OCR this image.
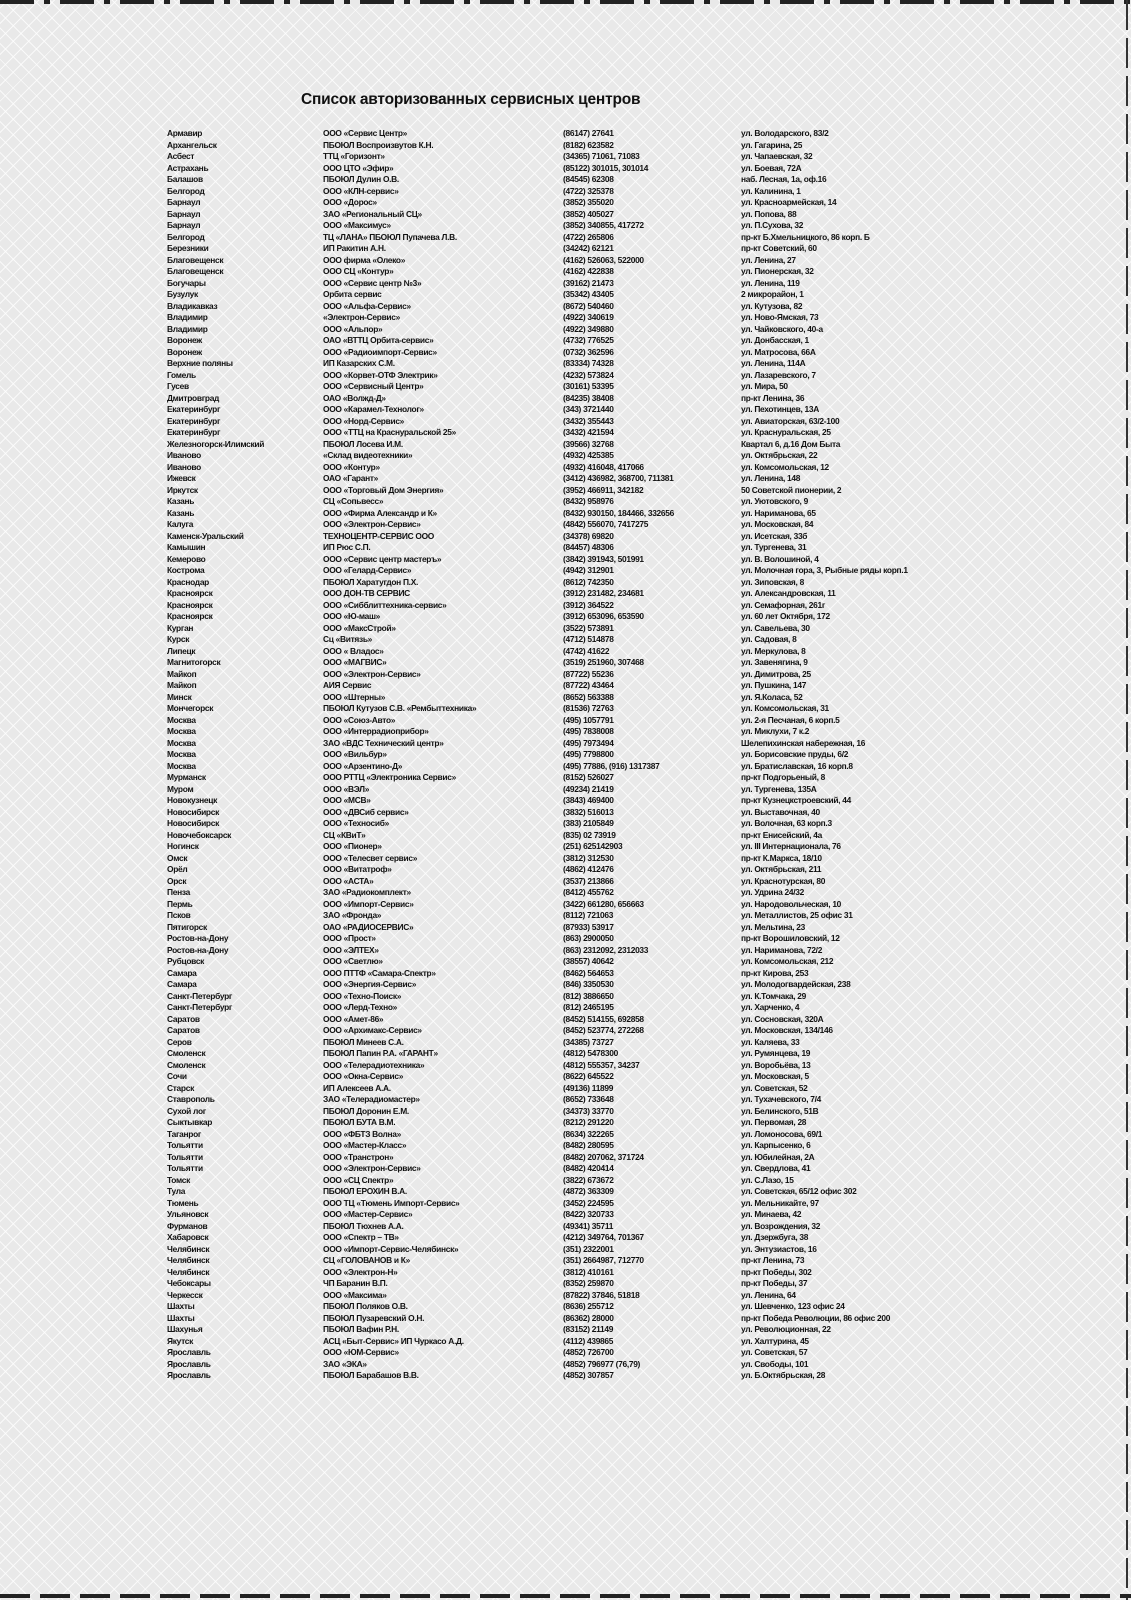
Список авторизованных сервисных центров
Армавир	ООО «Сервис Центр»	(86147) 27641	ул. Володарского, 83/2
Архангельск	ПБОЮЛ Воспроизвутов К.Н.	(8182) 623582	ул. Гагарина, 25
Асбест	ТТЦ «Горизонт»	(34365) 71061, 71083	ул. Чапаевская, 32
Астрахань	ООО ЦТО «Эфир»	(85122) 301015, 301014	ул. Боевая, 72А
Балашов	ПБОЮЛ Дулин О.В.	(84545) 62308	наб. Лесная, 1а, оф.16
Белгород	ООО «КЛН-сервис»	(4722) 325378	ул. Калинина, 1
Барнаул	ООО «Дорос»	(3852) 355020	ул. Красноармейская, 14
Барнаул	ЗАО «Региональный СЦ»	(3852) 405027	ул. Попова, 88
Барнаул	ООО «Максимус»	(3852) 340855, 417272	ул. П.Сухова, 32
Белгород	ТЦ «ЛАНА» ПБОЮЛ Пупачева Л.В.	(4722) 265806	пр-кт Б.Хмельницкого, 86 корп. Б
Березники	ИП Ракитин А.Н.	(34242) 62121	пр-кт Советский, 60
Благовещенск	ООО фирма «Олеко»	(4162) 526063, 522000	ул. Ленина, 27
Благовещенск	ООО СЦ «Контур»	(4162) 422838	ул. Пионерская, 32
Богучары	ООО «Сервис центр №3»	(39162) 21473	ул. Ленина, 119
Бузулук	Орбита сервис	(35342) 43405	2 микрорайон, 1
Владикавказ	ООО «Альфа-Сервис»	(8672) 540460	ул. Кутузова, 82
Владимир	«Электрон-Сервис»	(4922) 340619	ул. Ново-Ямская, 73
Владимир	ООО «Альпор»	(4922) 349880	ул. Чайковского, 40-а
Воронеж	ОАО «ВТТЦ Орбита-сервис»	(4732) 776525	ул. Донбасская, 1
Воронеж	ООО «Радиоимпорт-Сервис»	(0732) 362596	ул. Матросова, 66А
Верхние поляны	ИП Казарских С.М.	(83334) 74328	ул. Ленина, 114А
Гомель	ООО «Корвет-ОТФ Электрик»	(4232) 573824	ул. Лазаревского, 7
Гусев	ООО «Сервисный Центр»	(30161) 53395	ул. Мира, 50
Дмитровград	ОАО «Волжд-Д»	(84235) 38408	пр-кт Ленина, 36
Екатеринбург	ООО «Карамел-Технолог»	(343) 3721440	ул. Пехотинцев, 13А
Екатеринбург	ООО «Норд-Сервис»	(3432) 355443	ул. Авиаторская, 63/2-100
Екатеринбург	ООО «ТТЦ на Краснуральской 25»	(3432) 421594	ул. Краснуральская, 25
Железногорск-Илимский	ПБОЮЛ Лосева И.М.	(39566) 32768	Квартал 6, д.16 Дом Быта
Иваново	«Склад видеотехники»	(4932) 425385	ул. Октябрьская, 22
Иваново	ООО «Контур»	(4932) 416048, 417066	ул. Комсомольская, 12
Ижевск	ОАО «Гарант»	(3412) 436982, 368700, 711381	ул. Ленина, 148
Иркутск	ООО «Торговый Дом Энергия»	(3952) 466911, 342182	50 Советской пионерии, 2
Казань	СЦ «Сопьвесс»	(8432) 958976	ул. Уютовского, 9
Казань	ООО «Фирма Александр и К»	(8432) 930150, 184466, 332656	ул. Нариманова, 65
Калуга	ООО «Электрон-Сервис»	(4842) 556070, 7417275	ул. Московская, 84
Каменск-Уральский	ТЕХНОЦЕНТР-СЕРВИС ООО	(34378) 69820	ул. Исетская, 33б
Камышин	ИП Рюс С.П.	(84457) 48306	ул. Тургенева, 31
Кемерово	ООО «Сервис центр мастеръ»	(3842) 391943, 501991	ул. В. Волошиной, 4
Кострома	ООО «Гелард-Сервис»	(4942) 312901	ул. Молочная гора, 3, Рыбные ряды корп.1
Краснодар	ПБОЮЛ Харатугдон П.Х.	(8612) 742350	ул. Зиповская, 8
Красноярск	ООО ДОН-ТВ СЕРВИС	(3912) 231482, 234681	ул. Александровская, 11
Красноярск	ООО «Сибблиттехника-сервис»	(3912) 364522	ул. Семафорная, 261г
Красноярск	ООО «Ю-маш»	(3912) 653096, 653590	ул. 60 лет Октября, 172
Курган	ООО «МаксСтрой»	(3522) 573891	ул. Савельева, 30
Курск	Сц «Витязь»	(4712) 514878	ул. Садовая, 8
Липецк	ООО « Владос»	(4742) 41622	ул. Меркулова, 8
Магнитогорск	ООО «МАГВИС»	(3519) 251960, 307468	ул. Завенягина, 9
Майкоп	ООО «Электрон-Сервис»	(87722) 55236	ул. Димитрова, 25
Майкоп	АИЯ Сервис	(87722) 43464	ул. Пушкина, 147
Минск	ООО «Штерны»	(8652) 563388	ул. Я.Коласа, 52
Мончегорск	ПБОЮЛ Кутузов С.В. «Рембыттехника»	(81536) 72763	ул. Комсомольская, 31
Москва	ООО «Союз-Авто»	(495) 1057791	ул. 2-я Песчаная, 6 корп.5
Москва	ООО «Интеррадиоприбор»	(495) 7838008	ул. Миклухи, 7 к.2
Москва	ЗАО «ВДС Технический центр»	(495) 7973494	Шелепихинская набережная, 16
Москва	ООО «Вильбур»	(495) 7798800	ул. Борисовские пруды, 6/2
Москва	ООО «Арзентино-Д»	(495) 77886, (916) 1317387	ул. Братиславская, 16 корп.8
Мурманск	ООО РТТЦ «Электроника Сервис»	(8152) 526027	пр-кт Подгорьеный, 8
Муром	ООО «ВЭЛ»	(49234) 21419	ул. Тургенева, 135А
Новокузнецк	ООО «МСВ»	(3843) 469400	пр-кт Кузнецкстроевский, 44
Новосибирск	ООО «ДВСиб сервис»	(3832) 516013	ул. Выставочная, 40
Новосибирск	ООО «Техносиб»	(383) 2105849	ул. Волочная, 63 корп.3
Новочебоксарск	СЦ «КВиТ»	(835) 02 73919	пр-кт Енисейский, 4а
Ногинск	ООО «Пионер»	(251) 625142903	ул. III Интернационала, 76
Омск	ООО «Телесвет сервис»	(3812) 312530	пр-кт К.Маркса, 18/10
Орёл	ООО «Витатроф»	(4862) 412476	ул. Октябрьская, 211
Орск	ООО «АСТА»	(3537) 213866	ул. Краснотурская, 80
Пенза	ЗАО «Радиокомплект»	(8412) 455762	ул. Удрина 24/32
Пермь	ООО «Импорт-Сервис»	(3422) 661280, 656663	ул. Народовольческая, 10
Псков	ЗАО «Фронда»	(8112) 721063	ул. Металлистов, 25 офис 31
Пятигорск	ОАО «РАДИОСЕРВИС»	(87933) 53917	ул. Мельтина, 23
Ростов-на-Дону	ООО «Прост»	(863) 2900050	пр-кт Ворошиловский, 12
Ростов-на-Дону	ООО «ЭЛТЕХ»	(863) 2312092, 2312033	ул. Нариманова, 72/2
Рубцовск	ООО «Светлю»	(38557) 40642	ул. Комсомольская, 212
Самара	ООО ПТТФ «Самара-Спектр»	(8462) 564653	пр-кт Кирова, 253
Самара	ООО «Энергия-Сервис»	(846) 3350530	ул. Молодогвардейская, 238
Санкт-Петербург	ООО «Техно-Поиск»	(812) 3886650	ул. К.Томчака, 29
Санкт-Петербург	ООО «Лерд-Техно»	(812) 2465195	ул. Харченко, 4
Саратов	ООО «Амет-86»	(8452) 514155, 692858	ул. Сосновская, 320А
Саратов	ООО «Архимакс-Сервис»	(8452) 523774, 272268	ул. Московская, 134/146
Серов	ПБОЮЛ Минеев С.А.	(34385) 73727	ул. Каляева, 33
Смоленск	ПБОЮЛ Папин Р.А. «ГАРАНТ»	(4812) 5478300	ул. Румянцева, 19
Смоленск	ООО «Телерадиотехника»	(4812) 555357, 34237	ул. Воробьёва, 13
Сочи	ООО «Окна-Сервис»	(8622) 645522	ул. Московская, 5
Старск	ИП Алексеев А.А.	(49136) 11899	ул. Советская, 52
Ставрополь	ЗАО «Телерадиомастер»	(8652) 733648	ул. Тухачевского, 7/4
Сухой лог	ПБОЮЛ Доронин Е.М.	(34373) 33770	ул. Белинского, 51В
Сыктывкар	ПБОЮЛ БУТА В.М.	(8212) 291220	ул. Первомая, 28
Таганрог	ООО «ФБТЗ Волна»	(8634) 322265	ул. Ломоносова, 69/1
Тольятти	ООО «Мастер-Класс»	(8482) 280595	ул. Карпысенко, 6
Тольятти	ООО «Транстрон»	(8482) 207062, 371724	ул. Юбилейная, 2А
Тольятти	ООО «Электрон-Сервис»	(8482) 420414	ул. Свердлова, 41
Томск	ООО «СЦ Спектр»	(3822) 673672	ул. С.Лазо, 15
Тула	ПБОЮЛ ЕРОХИН В.А.	(4872) 363309	ул. Советская, 65/12 офис 302
Тюмень	ООО ТЦ «Тюмень Импорт-Сервис»	(3452) 224595	ул. Мельникайте, 97
Ульяновск	ООО «Мастер-Сервис»	(8422) 320733	ул. Минаева, 42
Фурманов	ПБОЮЛ Тюхнев А.А.	(49341) 35711	ул. Возрождения, 32
Хабаровск	ООО «Спектр – ТВ»	(4212) 349764, 701367	ул. Дзержбуга, 38
Челябинск	ООО «Импорт-Сервис-Челябинск»	(351) 2322001	ул. Энтузиастов, 16
Челябинск	СЦ «ГОЛОВАНОВ и К»	(351) 2664987, 712770	пр-кт Ленина, 73
Челябинск	ООО «Электрон-Н»	(3812) 410161	пр-кт Победы, 302
Чебоксары	ЧП Баранин В.П.	(8352) 259870	пр-кт Победы, 37
Черкесск	ООО «Максима»	(87822) 37846, 51818	ул. Ленина, 64
Шахты	ПБОЮЛ Поляков О.В.	(8636) 255712	ул. Шевченко, 123 офис 24
Шахты	ПБОЮЛ Пузаревский О.Н.	(86362) 28000	пр-кт Победа Революции, 86 офис 200
Шахунья	ПБОЮЛ Вафин Р.Н.	(83152) 21149	ул. Революционная, 22
Якутск	АСЦ «Быт-Сервис» ИП Чуркасо А.Д.	(4112) 439865	ул. Халтурина, 45
Ярославль	ООО «ЮМ-Сервис»	(4852) 726700	ул. Советская, 57
Ярославль	ЗАО «ЭКА»	(4852) 796977 (76,79)	ул. Свободы, 101
Ярославль	ПБОЮЛ Барабашов В.В.	(4852) 307857	ул. Б.Октябрьская, 28
